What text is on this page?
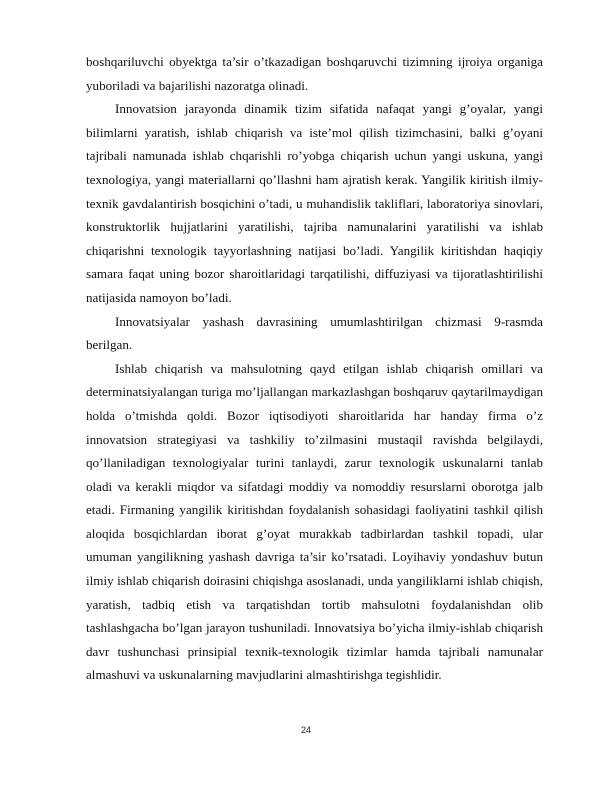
boshqariluvchi obyektga ta’sir o’tkazadigan boshqaruvchi tizimning ijroiya organiga yuboriladi va bajarilishi nazoratga olinadi.

Innovatsion jarayonda dinamik tizim sifatida nafaqat yangi g’oyalar, yangi bilimlarni yaratish, ishlab chiqarish va iste’mol qilish tizimchasini, balki g’oyani tajribali namunada ishlab chqarishli ro’yobga chiqarish uchun yangi uskuna, yangi texnologiya, yangi materiallarni qo’llashni ham ajratish kerak. Yangilik kiritish ilmiy-texnik gavdalantirish bosqichini o’tadi, u muhandislik takliflari, laboratoriya sinovlari, konstruktorlik hujjatlarini yaratilishi, tajriba namunalarini yaratilishi va ishlab chiqarishni texnologik tayyorlashning natijasi bo’ladi. Yangilik kiritishdan haqiqiy samara faqat uning bozor sharoitlaridagi tarqatilishi, diffuziyasi va tijoratlashtirilishi natijasida namoyon bo’ladi.

Innovatsiyalar yashash davrasining umumlashtirilgan chizmasi 9-rasmda berilgan.

Ishlab chiqarish va mahsulotning qayd etilgan ishlab chiqarish omillari va determinatsiyalangan turiga mo’ljallangan markazlashgan boshqaruv qaytarilmaydigan holda o’tmishda qoldi. Bozor iqtisodiyoti sharoitlarida har handay firma o’z innovatsion strategiyasi va tashkiliy to’zilmasini mustaqil ravishda belgilaydi, qo’llaniladigan texnologiyalar turini tanlaydi, zarur texnologik uskunalarni tanlab oladi va kerakli miqdor va sifatdagi moddiy va nomoddiy resurslarni oborotga jalb etadi. Firmaning yangilik kiritishdan foydalanish sohasidagi faoliyatini tashkil qilish aloqida bosqichlardan iborat g’oyat murakkab tadbirlardan tashkil topadi, ular umuman yangilikning yashash davriga ta’sir ko’rsatadi. Loyihaviy yondashuv butun ilmiy ishlab chiqarish doirasini chiqishga asoslanadi, unda yangiliklarni ishlab chiqish, yaratish, tadbiq etish va tarqatishdan tortib mahsulotni foydalanishdan olib tashlashgacha bo’lgan jarayon tushuniladi. Innovatsiya bo’yicha ilmiy-ishlab chiqarish davr tushunchasi prinsipial texnik-texnologik tizimlar hamda tajribali namunalar almashuvi va uskunalarning mavjudlarini almashtirishga tegishlidir.

24
